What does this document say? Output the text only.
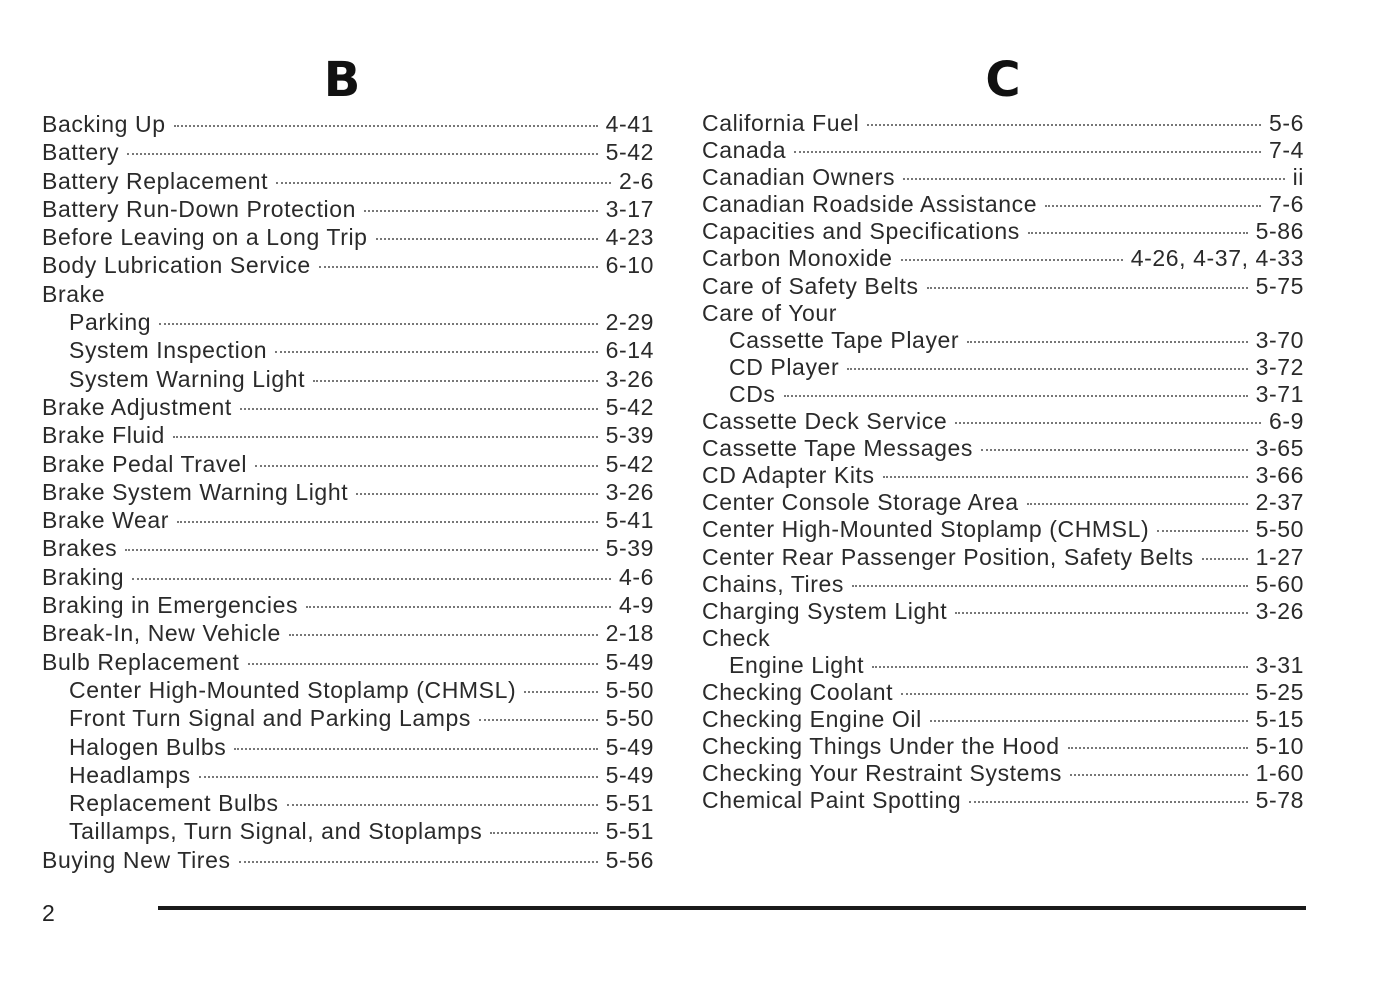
B
Backing Up	4-41
Battery	5-42
Battery Replacement	2-6
Battery Run-Down Protection	3-17
Before Leaving on a Long Trip	4-23
Body Lubrication Service	6-10
Brake
Parking	2-29
System Inspection	6-14
System Warning Light	3-26
Brake Adjustment	5-42
Brake Fluid	5-39
Brake Pedal Travel	5-42
Brake System Warning Light	3-26
Brake Wear	5-41
Brakes	5-39
Braking	4-6
Braking in Emergencies	4-9
Break-In, New Vehicle	2-18
Bulb Replacement	5-49
Center High-Mounted Stoplamp (CHMSL)	5-50
Front Turn Signal and Parking Lamps	5-50
Halogen Bulbs	5-49
Headlamps	5-49
Replacement Bulbs	5-51
Taillamps, Turn Signal, and Stoplamps	5-51
Buying New Tires	5-56
C
California Fuel	5-6
Canada	7-4
Canadian Owners	ii
Canadian Roadside Assistance	7-6
Capacities and Specifications	5-86
Carbon Monoxide	4-26, 4-37, 4-33
Care of Safety Belts	5-75
Care of Your
Cassette Tape Player	3-70
CD Player	3-72
CDs	3-71
Cassette Deck Service	6-9
Cassette Tape Messages	3-65
CD Adapter Kits	3-66
Center Console Storage Area	2-37
Center High-Mounted Stoplamp (CHMSL)	5-50
Center Rear Passenger Position, Safety Belts	1-27
Chains, Tires	5-60
Charging System Light	3-26
Check
Engine Light	3-31
Checking Coolant	5-25
Checking Engine Oil	5-15
Checking Things Under the Hood	5-10
Checking Your Restraint Systems	1-60
Chemical Paint Spotting	5-78
2
